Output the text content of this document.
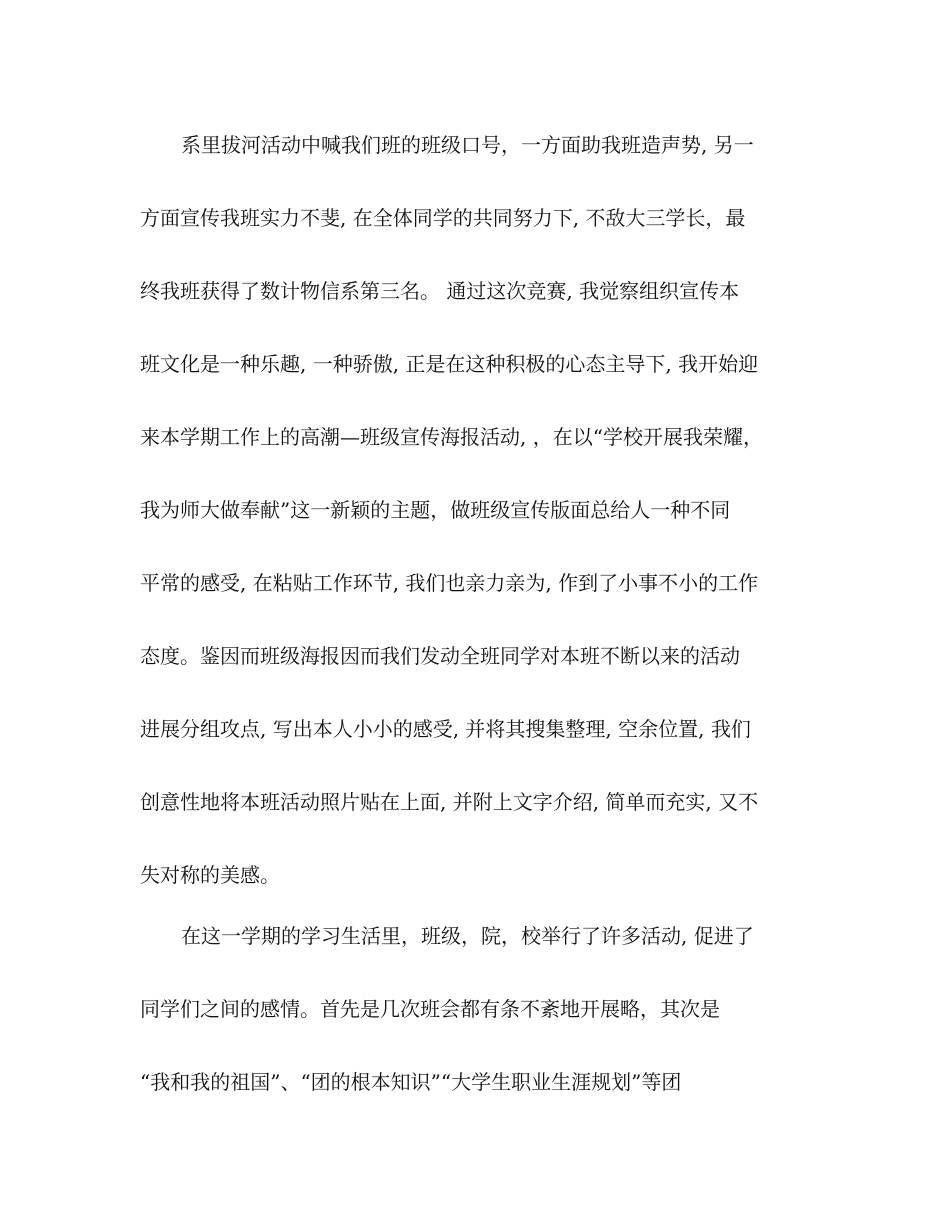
系里拔河活动中喊我们班的班级口号，一方面助我班造声势, 另一
方面宣传我班实力不斐, 在全体同学的共同努力下, 不敌大三学长，最
终我班获得了数计物信系第三名。 通过这次竞赛, 我觉察组织宣传本
班文化是一种乐趣, 一种骄傲, 正是在这种积极的心态主导下, 我开始迎
来本学期工作上的高潮—班级宣传海报活动, ，在以“学校开展我荣耀，
我为师大做奉献”这一新颖的主题，做班级宣传版面总给人一种不同
平常的感受, 在粘贴工作环节, 我们也亲力亲为, 作到了小事不小的工作
态度。鉴因而班级海报因而我们发动全班同学对本班不断以来的活动
进展分组攻点, 写出本人小小的感受, 并将其搜集整理, 空余位置, 我们
创意性地将本班活动照片贴在上面, 并附上文字介绍, 简单而充实, 又不
失对称的美感。
在这一学期的学习生活里，班级，院，校举行了许多活动, 促进了
同学们之间的感情。首先是几次班会都有条不紊地开展略，其次是
“我和我的祖国”、“团的根本知识”“大学生职业生涯规划”等团
